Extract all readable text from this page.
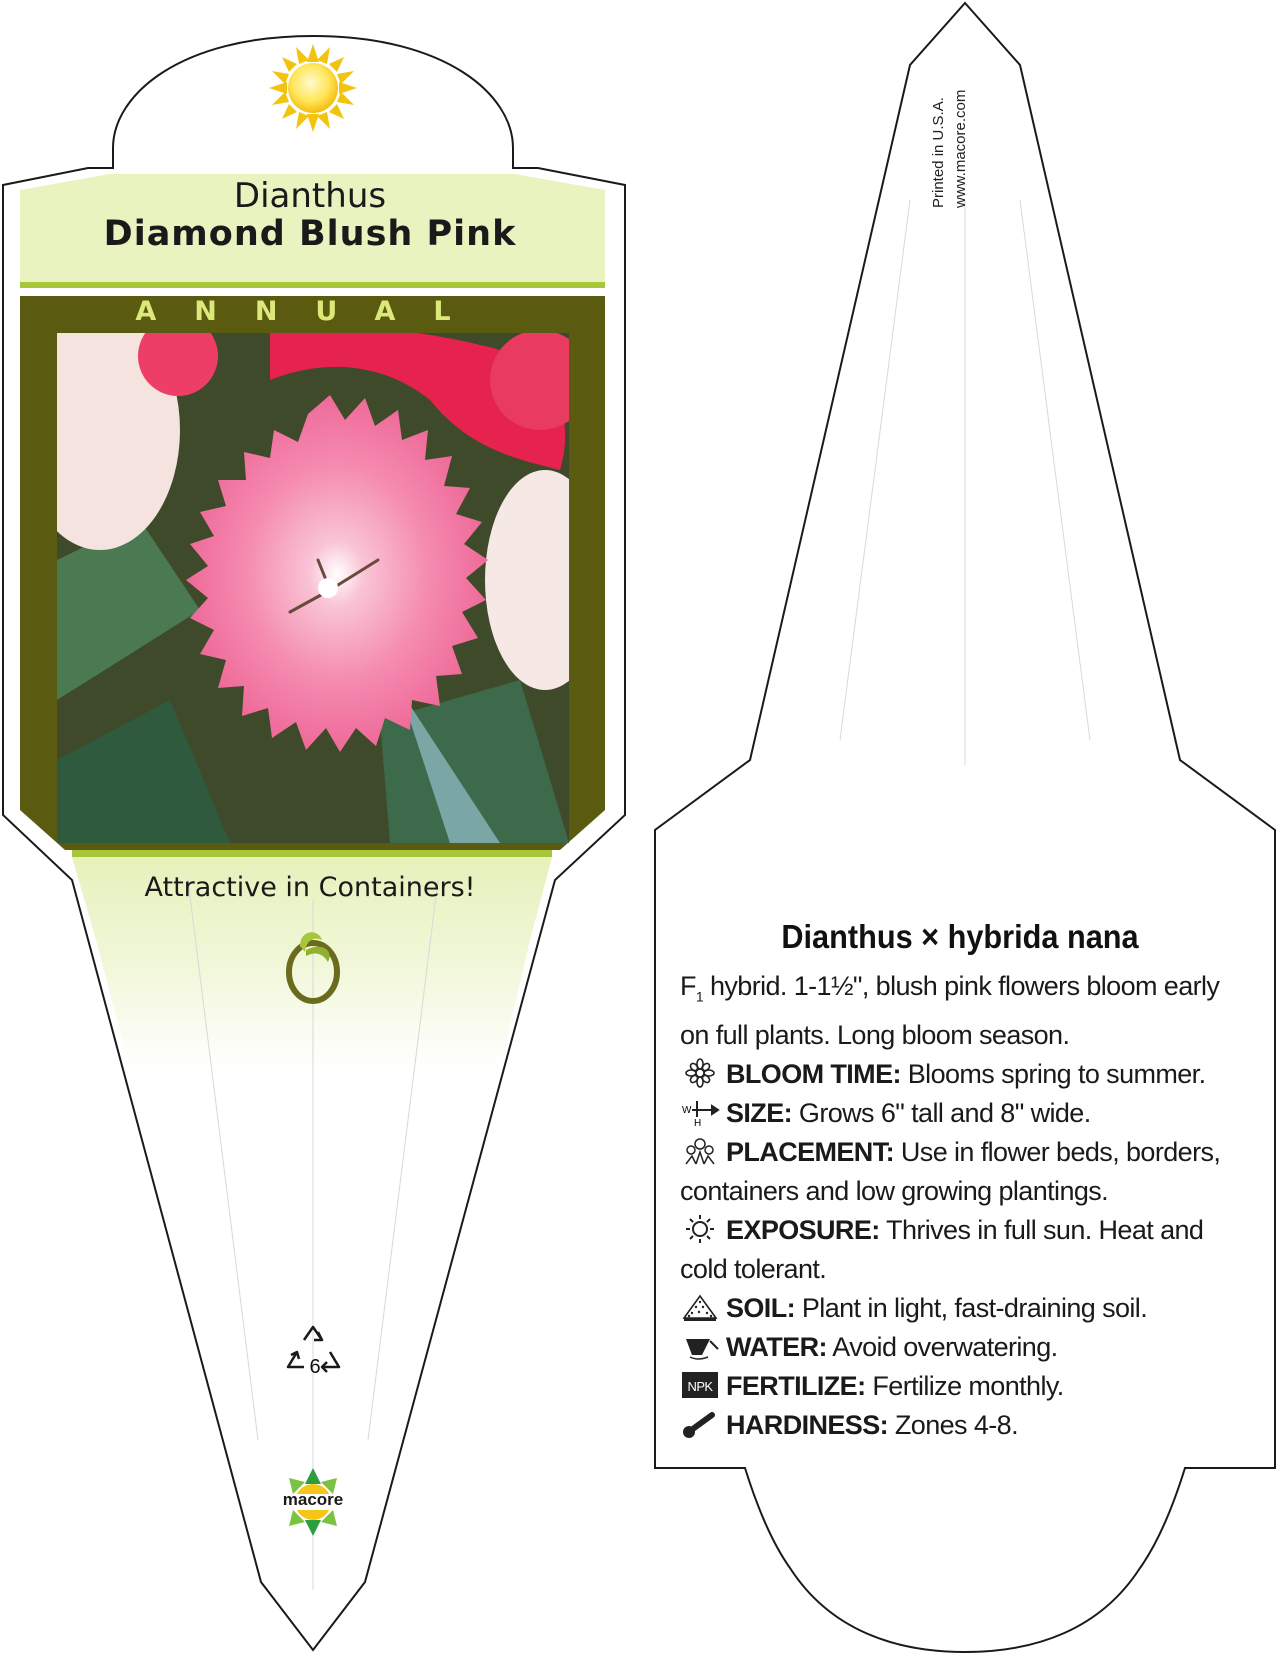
Dianthus
Diamond Blush Pink
ANNUAL
Attractive in Containers!
6
macore
Printed in U.S.A. www.macore.com
Dianthus × hybrida nana
$F_1$ hybrid. 1-1½", blush pink flowers bloom early on full plants. Long bloom season.
BLOOM TIME: Blooms spring to summer.
W
H SIZE: Grows 6" tall and 8" wide.
PLACEMENT: Use in flower beds, borders, containers and low growing plantings.
EXPOSURE: Thrives in full sun. Heat and cold tolerant.
SOIL: Plant in light, fast-draining soil.
WATER: Avoid overwatering.
NPK FERTILIZE: Fertilize monthly.
HARDINESS: Zones 4-8.
